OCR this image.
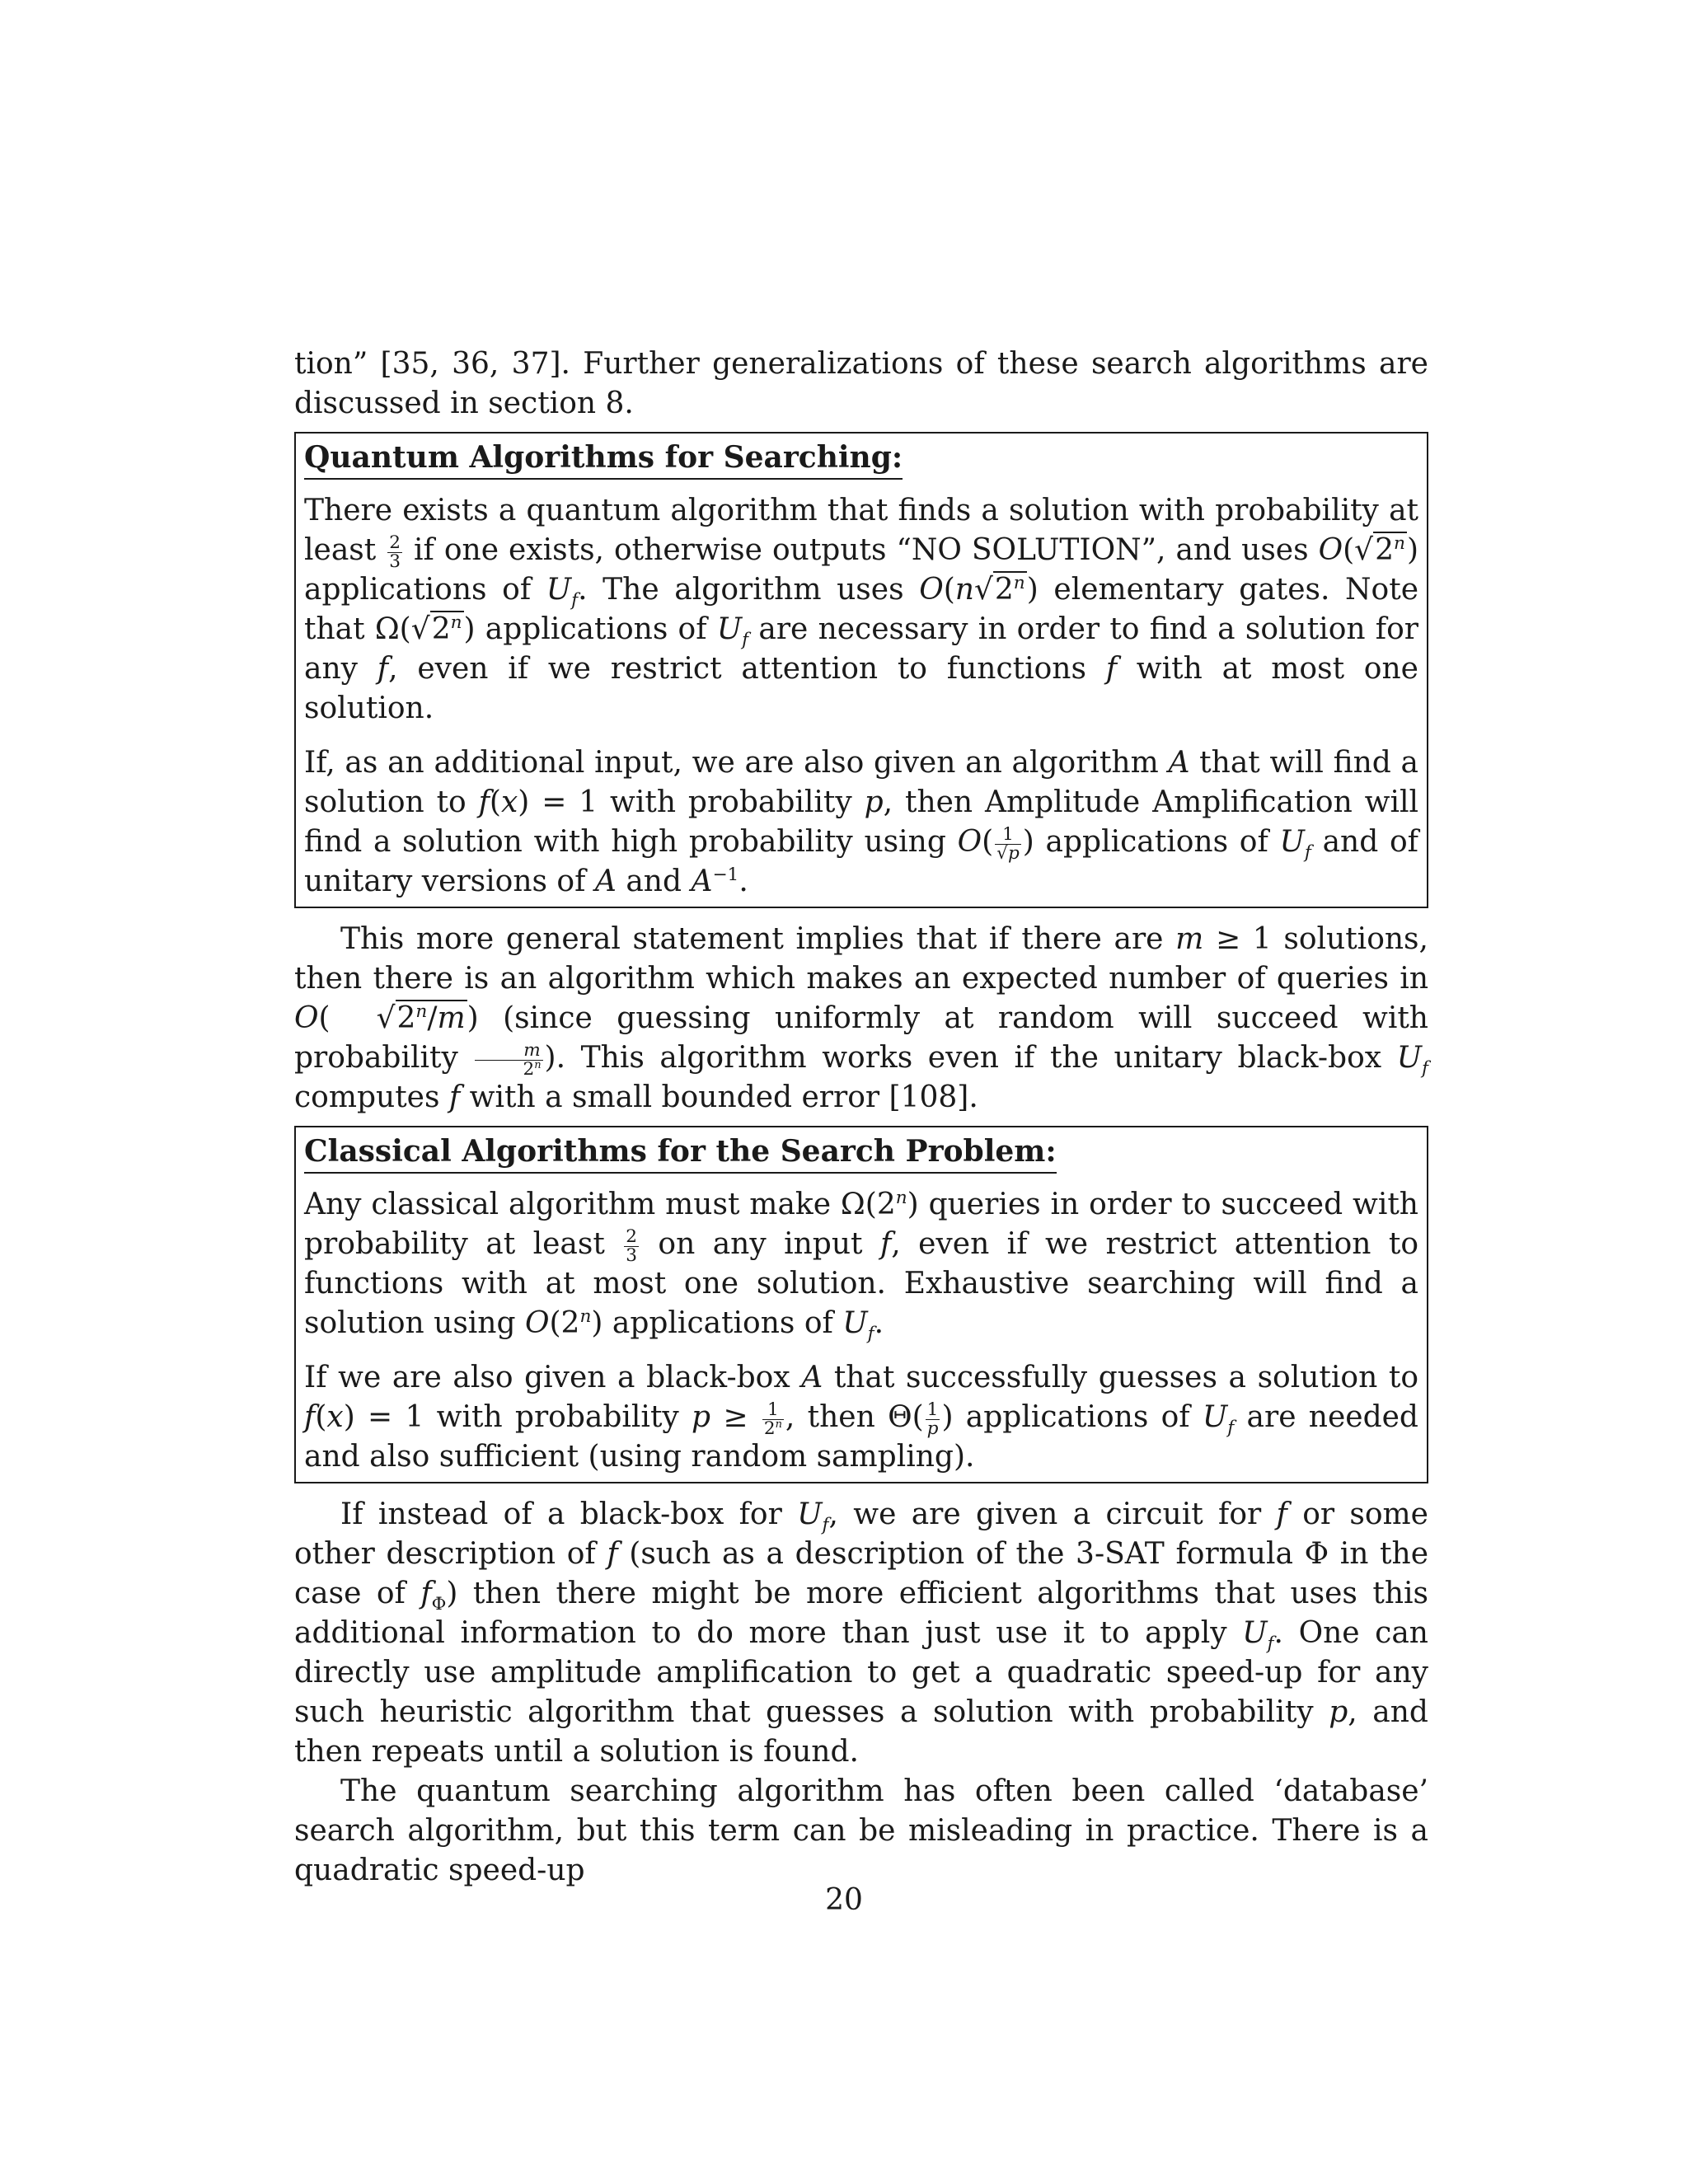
tion” [35, 36, 37]. Further generalizations of these search algorithms are discussed in section 8.

Quantum Algorithms for Searching:

There exists a quantum algorithm that finds a solution with probability at least $\frac{2}{3}$ if one exists, otherwise outputs “NO SOLUTION”, and uses O(√2$^n$) applications of $U_f$. The algorithm uses O(n√2$^n$) elementary gates. Note that Ω(√2$^n$) applications of $U_f$ are necessary in order to find a solution for any f, even if we restrict attention to functions f with at most one solution.

If, as an additional input, we are also given an algorithm A that will find a solution to f(x) = 1 with probability p, then Amplitude Amplification will find a solution with high probability using $O( \frac{1}{√p}$ ) applications of $U_f$ and of unitary versions of A and $A^{-1}$.

This more general statement implies that if there are m ≥ 1 solutions, then there is an algorithm which makes an expected number of queries in O( √2$^n$/m) (since guessing uniformly at random will succeed with probability $\frac{m}{2^n}$ ). This algorithm works even if the unitary black-box $U_f$ computes f with a small bounded error [108].

Classical Algorithms for the Search Problem:

Any classical algorithm must make Ω(2$^n$) queries in order to succeed with probability at least $\frac{2}{3}$ on any input f, even if we restrict attention to functions with at most one solution. Exhaustive searching will find a solution using O(2$^n$) applications of $U_f$.

If we are also given a black-box A that successfully guesses a solution to f(x) = 1 with probability $p \ge \frac{1}{2^n}$ , then $\Theta( \frac{1}{p}$ ) applications of $U_f$ are needed and also sufficient (using random sampling).

If instead of a black-box for $U_f$, we are given a circuit for f or some other description of f (such as a description of the 3-SAT formula Φ in the case of $f_\Phi$) then there might be more efficient algorithms that uses this additional information to do more than just use it to apply $U_f$. One can directly use amplitude amplification to get a quadratic speed-up for any such heuristic algorithm that guesses a solution with probability p, and then repeats until a solution is found.

The quantum searching algorithm has often been called ‘database’ search algorithm, but this term can be misleading in practice. There is a quadratic speed-up

20
